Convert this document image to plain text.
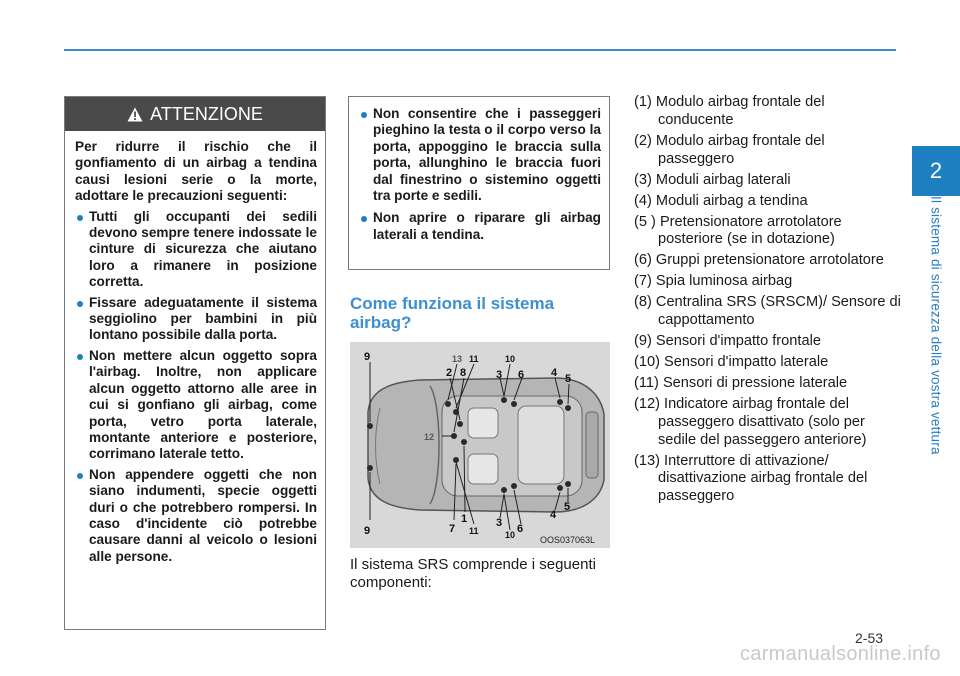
2
Il sistema di sicurezza della vostra vettura
ATTENZIONE

Per ridurre il rischio che il gonfiamento di un airbag a tendina causi lesioni serie o la morte, adottare le precauzioni seguenti:

Tutti gli occupanti dei sedili devono sempre tenere indossate le cinture di sicurezza che aiutano loro a rimanere in posizione corretta.
Fissare adeguatamente il sistema seggiolino per bambini in più lontano possibile dalla porta.
Non mettere alcun oggetto sopra l'airbag. Inoltre, non applicare alcun oggetto attorno alle aree in cui si gonfiano gli airbag, come porta, vetro porta laterale, montante anteriore e posteriore, corrimano laterale tetto.
Non appendere oggetti che non siano indumenti, specie oggetti duri o che potrebbero rompersi. In caso d'incidente ciò potrebbe causare danni al veicolo o lesioni alle persone.
Non consentire che i passeggeri pieghino la testa o il corpo verso la porta, appoggino le braccia sulla porta, allunghino le braccia fuori dal finestrino o sistemino oggetti tra porte e sedili.
Non aprire o riparare gli airbag laterali a tendina.
Come funziona il sistema airbag?
9	13 11	10
2 8	3 6 4 5
12
9	7
1
11
3
10 6
4
5
OOS037063L
Il sistema SRS comprende i seguenti componenti:
(1) Modulo airbag frontale del conducente
(2) Modulo airbag frontale del passeggero
(3) Moduli airbag laterali
(4) Moduli airbag a tendina
(5 ) Pretensionatore arrotolatore posteriore (se in dotazione)
(6) Gruppi pretensionatore arrotolatore
(7) Spia luminosa airbag
(8) Centralina SRS (SRSCM)/ Sensore di cappottamento
(9) Sensori d'impatto frontale
(10) Sensori d'impatto laterale
(11) Sensori di pressione laterale
(12) Indicatore airbag frontale del passeggero disattivato (solo per sedile del passeggero anteriore)
(13) Interruttore di attivazione/ disattivazione airbag frontale del passeggero
2-53
carmanualsonline.info
